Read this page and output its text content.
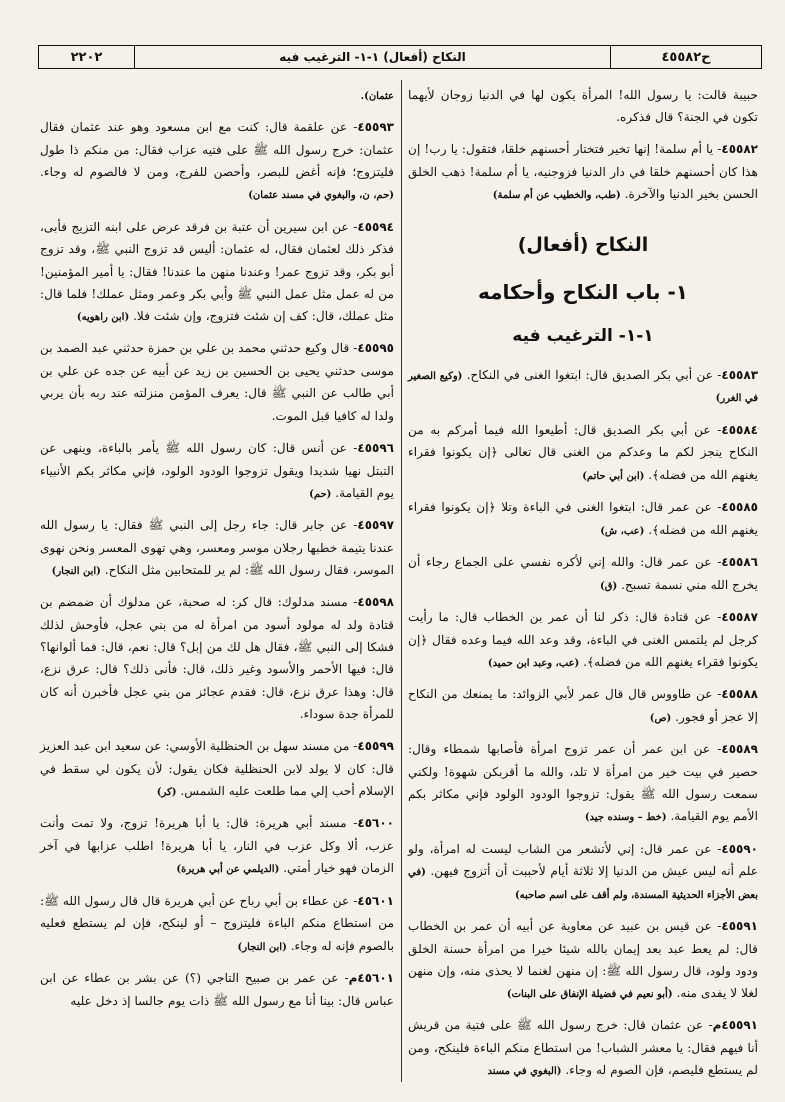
٢٢٠٢	النكاح (أفعال) ١-١- الترغيب فيه	ح٤٥٥٨٢

حبيبة قالت: يا رسول الله! المرأة يكون لها في الدنيا زوجان لأيهما تكون في الجنة؟ قال فذكره.

٤٥٥٨٢- يا أم سلمة! إنها تخير فتختار أحسنهم خلقا، فتقول: يا رب! إن هذا كان أحسنهم خلقا في دار الدنيا فزوجنيه، يا أم سلمة! ذهب الخلق الحسن بخير الدنيا والآخرة. (طب، والخطيب عن أم سلمة)

النكاح (أفعال)

١- باب النكاح وأحكامه

١-١- الترغيب فيه

٤٥٥٨٣- عن أبي بكر الصديق قال: ابتغوا الغنى في النكاح. (وكيع الصغير في الغرر)

٤٥٥٨٤- عن أبي بكر الصديق قال: أطيعوا الله فيما أمركم به من النكاح ينجز لكم ما وعدكم من الغنى قال تعالى ﴿إن يكونوا فقراء يغنهم الله من فضله﴾. (ابن أبي حاتم)

٤٥٥٨٥- عن عمر قال: ابتغوا الغنى في الباءة وتلا ﴿إن يكونوا فقراء يغنهم الله من فضله﴾. (عب، ش)

٤٥٥٨٦- عن عمر قال: والله إني لأكره نفسي على الجماع رجاء أن يخرج الله مني نسمة تسبح. (ق)

٤٥٥٨٧- عن قتادة قال: ذكر لنا أن عمر بن الخطاب قال: ما رأيت كرجل لم يلتمس الغنى في الباءة، وقد وعد الله فيما وعده فقال ﴿إن يكونوا فقراء يغنهم الله من فضله﴾. (عب، وعبد ابن حميد)

٤٥٥٨٨- عن طاووس قال قال عمر لأبي الزوائد: ما يمنعك من النكاح إلا عجز أو فجور. (ص)

٤٥٥٨٩- عن ابن عمر أن عمر تزوج امرأة فأصابها شمطاء وقال: حصير في بيت خير من امرأة لا تلد، والله ما أقربكن شهوة! ولكني سمعت رسول الله ﷺ يقول: تزوجوا الودود الولود فإني مكاثر بكم الأمم يوم القيامة. (خط – وسنده جيد)

٤٥٥٩٠- عن عمر قال: إني لأتشعر من الشاب ليست له امرأة، ولو علم أنه ليس عيش من الدنيا إلا ثلاثة أيام لأحببت أن أتزوج فيهن. (في بعض الأجزاء الحديثية المسندة، ولم أقف على اسم صاحبه)

٤٥٥٩١- عن قيس بن عبيد عن معاوية عن أبيه أن عمر بن الخطاب قال: لم يعط عبد بعد إيمان بالله شيئا خيرا من امرأة حسنة الخلق ودود ولود، قال رسول الله ﷺ: إن منهن لغنما لا يحذى منه، وإن منهن لغلا لا يفدى منه. (أبو نعيم في فضيلة الإنفاق على البنات)

٤٥٥٩١م- عن عثمان قال: خرج رسول الله ﷺ على فتية من قريش أنا فيهم فقال: يا معشر الشباب! من استطاع منكم الباءة فلينكح، ومن لم يستطع فليصم، فإن الصوم له وجاء. (البغوي في مسند

عثمان).

٤٥٥٩٣- عن علقمة قال: كنت مع ابن مسعود وهو عند عثمان فقال عثمان: خرج رسول الله ﷺ على فتيه عزاب فقال: من منكم ذا طول فليتزوج؛ فإنه أغض للبصر، وأحصن للفرج، ومن لا فالصوم له وجاء. (حم، ن، والبغوي في مسند عثمان)

٤٥٥٩٤- عن ابن سيرين أن عتبة بن فرقد عرض على ابنه التزيج فأبى، فذكر ذلك لعثمان فقال، له عثمان: أليس قد تزوج النبي ﷺ، وقد تزوج أبو بكر، وقد تزوج عمر! وعندنا منهن ما عندنا! فقال: يا أمير المؤمنين! من له عمل مثل عمل النبي ﷺ وأبي بكر وعمر ومثل عملك! فلما قال: مثل عملك، قال: كف إن شئت فتزوج، وإن شئت فلا. (ابن راهويه)

٤٥٥٩٥- قال وكيع حدثني محمد بن علي بن حمزة حدثني عبد الصمد بن موسى حدثني يحيى بن الحسين بن زيد عن أبيه عن جده عن علي بن أبي طالب عن النبي ﷺ قال: يعرف المؤمن منزلته عند ربه بأن يربي ولدا له كافيا قبل الموت.

٤٥٥٩٦- عن أنس قال: كان رسول الله ﷺ يأمر بالباءة، وينهى عن التبتل نهيا شديدا ويقول تزوجوا الودود الولود، فإني مكاثر بكم الأنبياء يوم القيامة. (حم)

٤٥٥٩٧- عن جابر قال: جاء رجل إلى النبي ﷺ فقال: يا رسول الله عندنا يتيمة خطبها رجلان موسر ومعسر، وهي تهوى المعسر ونحن نهوى الموسر، فقال رسول الله ﷺ: لم ير للمتحابين مثل النكاح. (ابن النجار)

٤٥٥٩٨- مسند مدلوك: قال كر: له صحبة، عن مدلوك أن ضمضم بن قتادة ولد له مولود أسود من امرأة له من بني عجل، فأوحش لذلك فشكا إلى النبي ﷺ، فقال هل لك من إبل؟ قال: نعم، قال: فما ألوانها؟ قال: فيها الأحمر والأسود وغير ذلك، قال: فأنى ذلك؟ قال: عرق نزع، قال: وهذا عرق نزع، قال: فقدم عجائز من بني عجل فأخبرن أنه كان للمرأة جدة سوداء.

٤٥٥٩٩- من مسند سهل بن الحنظلية الأوسي: عن سعيد ابن عبد العزيز قال: كان لا يولد لابن الحنظلية فكان يقول: لأن يكون لي سقط في الإسلام أحب إلي مما طلعت عليه الشمس. (كر)

٤٥٦٠٠- مسند أبي هريرة: قال: يا أبا هريرة! تزوج، ولا تمت وأنت عزب، ألا وكل عزب في النار، يا أبا هريرة! اطلب عزابها في آخر الزمان فهو خيار أمتي. (الديلمي عن أبي هريرة)

٤٥٦٠١- عن عطاء بن أبي رباح عن أبي هريرة قال قال رسول الله ﷺ: من استطاع منكم الباءة فليتزوج – أو لينكح، فإن لم يستطع فعليه بالصوم فإنه له وجاء. (ابن النجار)

٤٥٦٠١م- عن عمر بن صبيح التاجي (؟) عن بشر بن عطاء عن ابن عباس قال: بينا أنا مع رسول الله ﷺ ذات يوم جالسا إذ دخل عليه
